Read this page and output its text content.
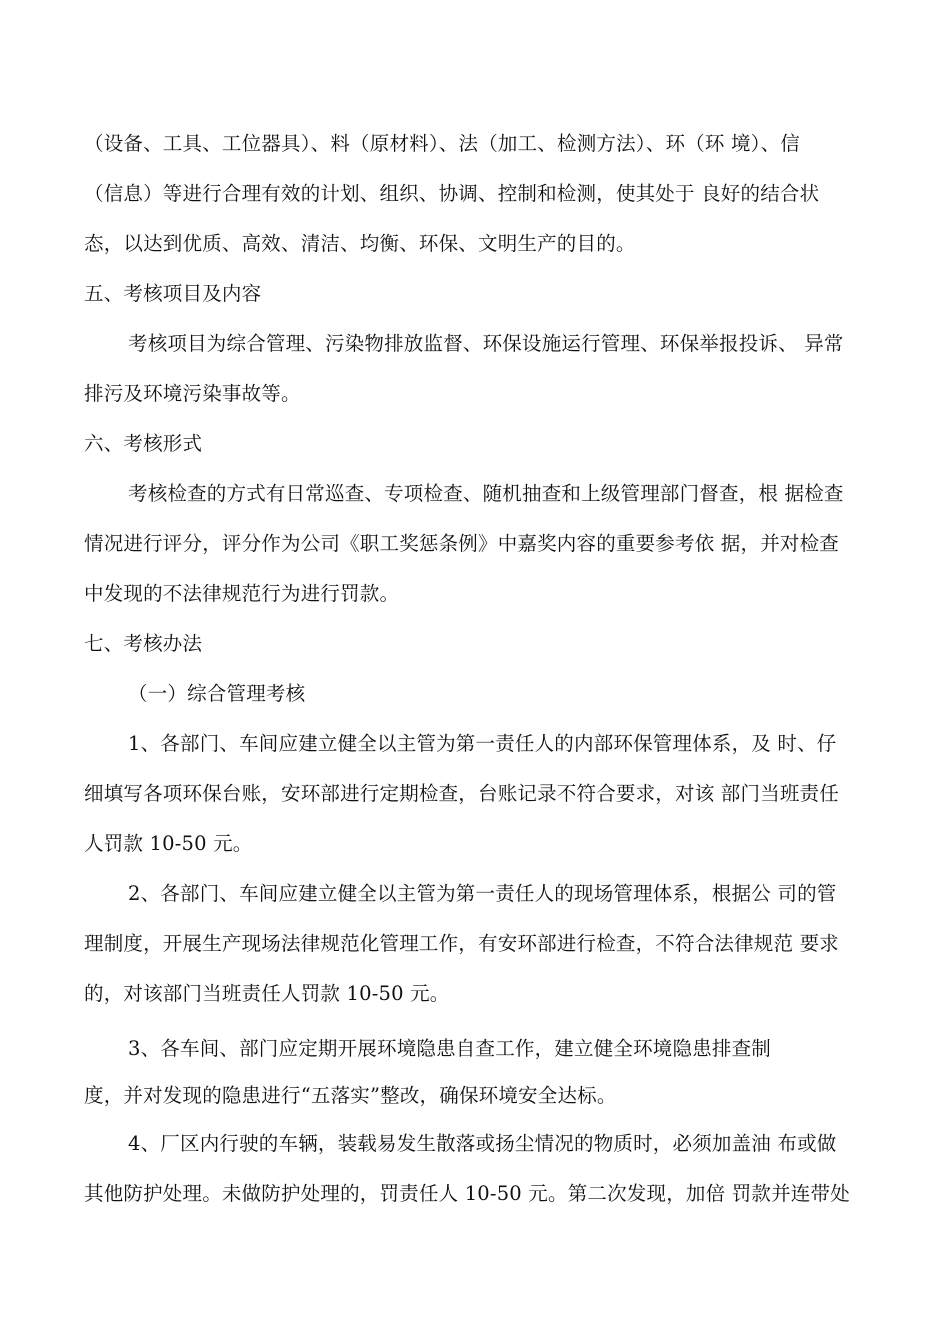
（设备、工具、工位器具）、料（原材料）、法（加工、检测方法）、环（环 境）、信
（信息）等进行合理有效的计划、组织、协调、控制和检测，使其处于 良好的结合状
态，以达到优质、高效、清洁、均衡、环保、文明生产的目的。
五、考核项目及内容
考核项目为综合管理、污染物排放监督、环保设施运行管理、环保举报投诉、 异常
排污及环境污染事故等。
六、考核形式
考核检查的方式有日常巡查、专项检查、随机抽查和上级管理部门督查，根 据检查
情况进行评分，评分作为公司《职工奖惩条例》中嘉奖内容的重要参考依 据，并对检查
中发现的不法律规范行为进行罚款。
七、考核办法
（一）综合管理考核
1、各部门、车间应建立健全以主管为第一责任人的内部环保管理体系，及 时、仔
细填写各项环保台账，安环部进行定期检查，台账记录不符合要求，对该 部门当班责任
人罚款 10-50 元。
2、各部门、车间应建立健全以主管为第一责任人的现场管理体系，根据公 司的管
理制度，开展生产现场法律规范化管理工作，有安环部进行检查，不符合法律规范 要求
的，对该部门当班责任人罚款 10-50 元。
3、各车间、部门应定期开展环境隐患自查工作，建立健全环境隐患排查制
度，并对发现的隐患进行“五落实”整改，确保环境安全达标。
4、厂区内行驶的车辆，装载易发生散落或扬尘情况的物质时，必须加盖油 布或做
其他防护处理。未做防护处理的，罚责任人 10-50 元。第二次发现，加倍 罚款并连带处
